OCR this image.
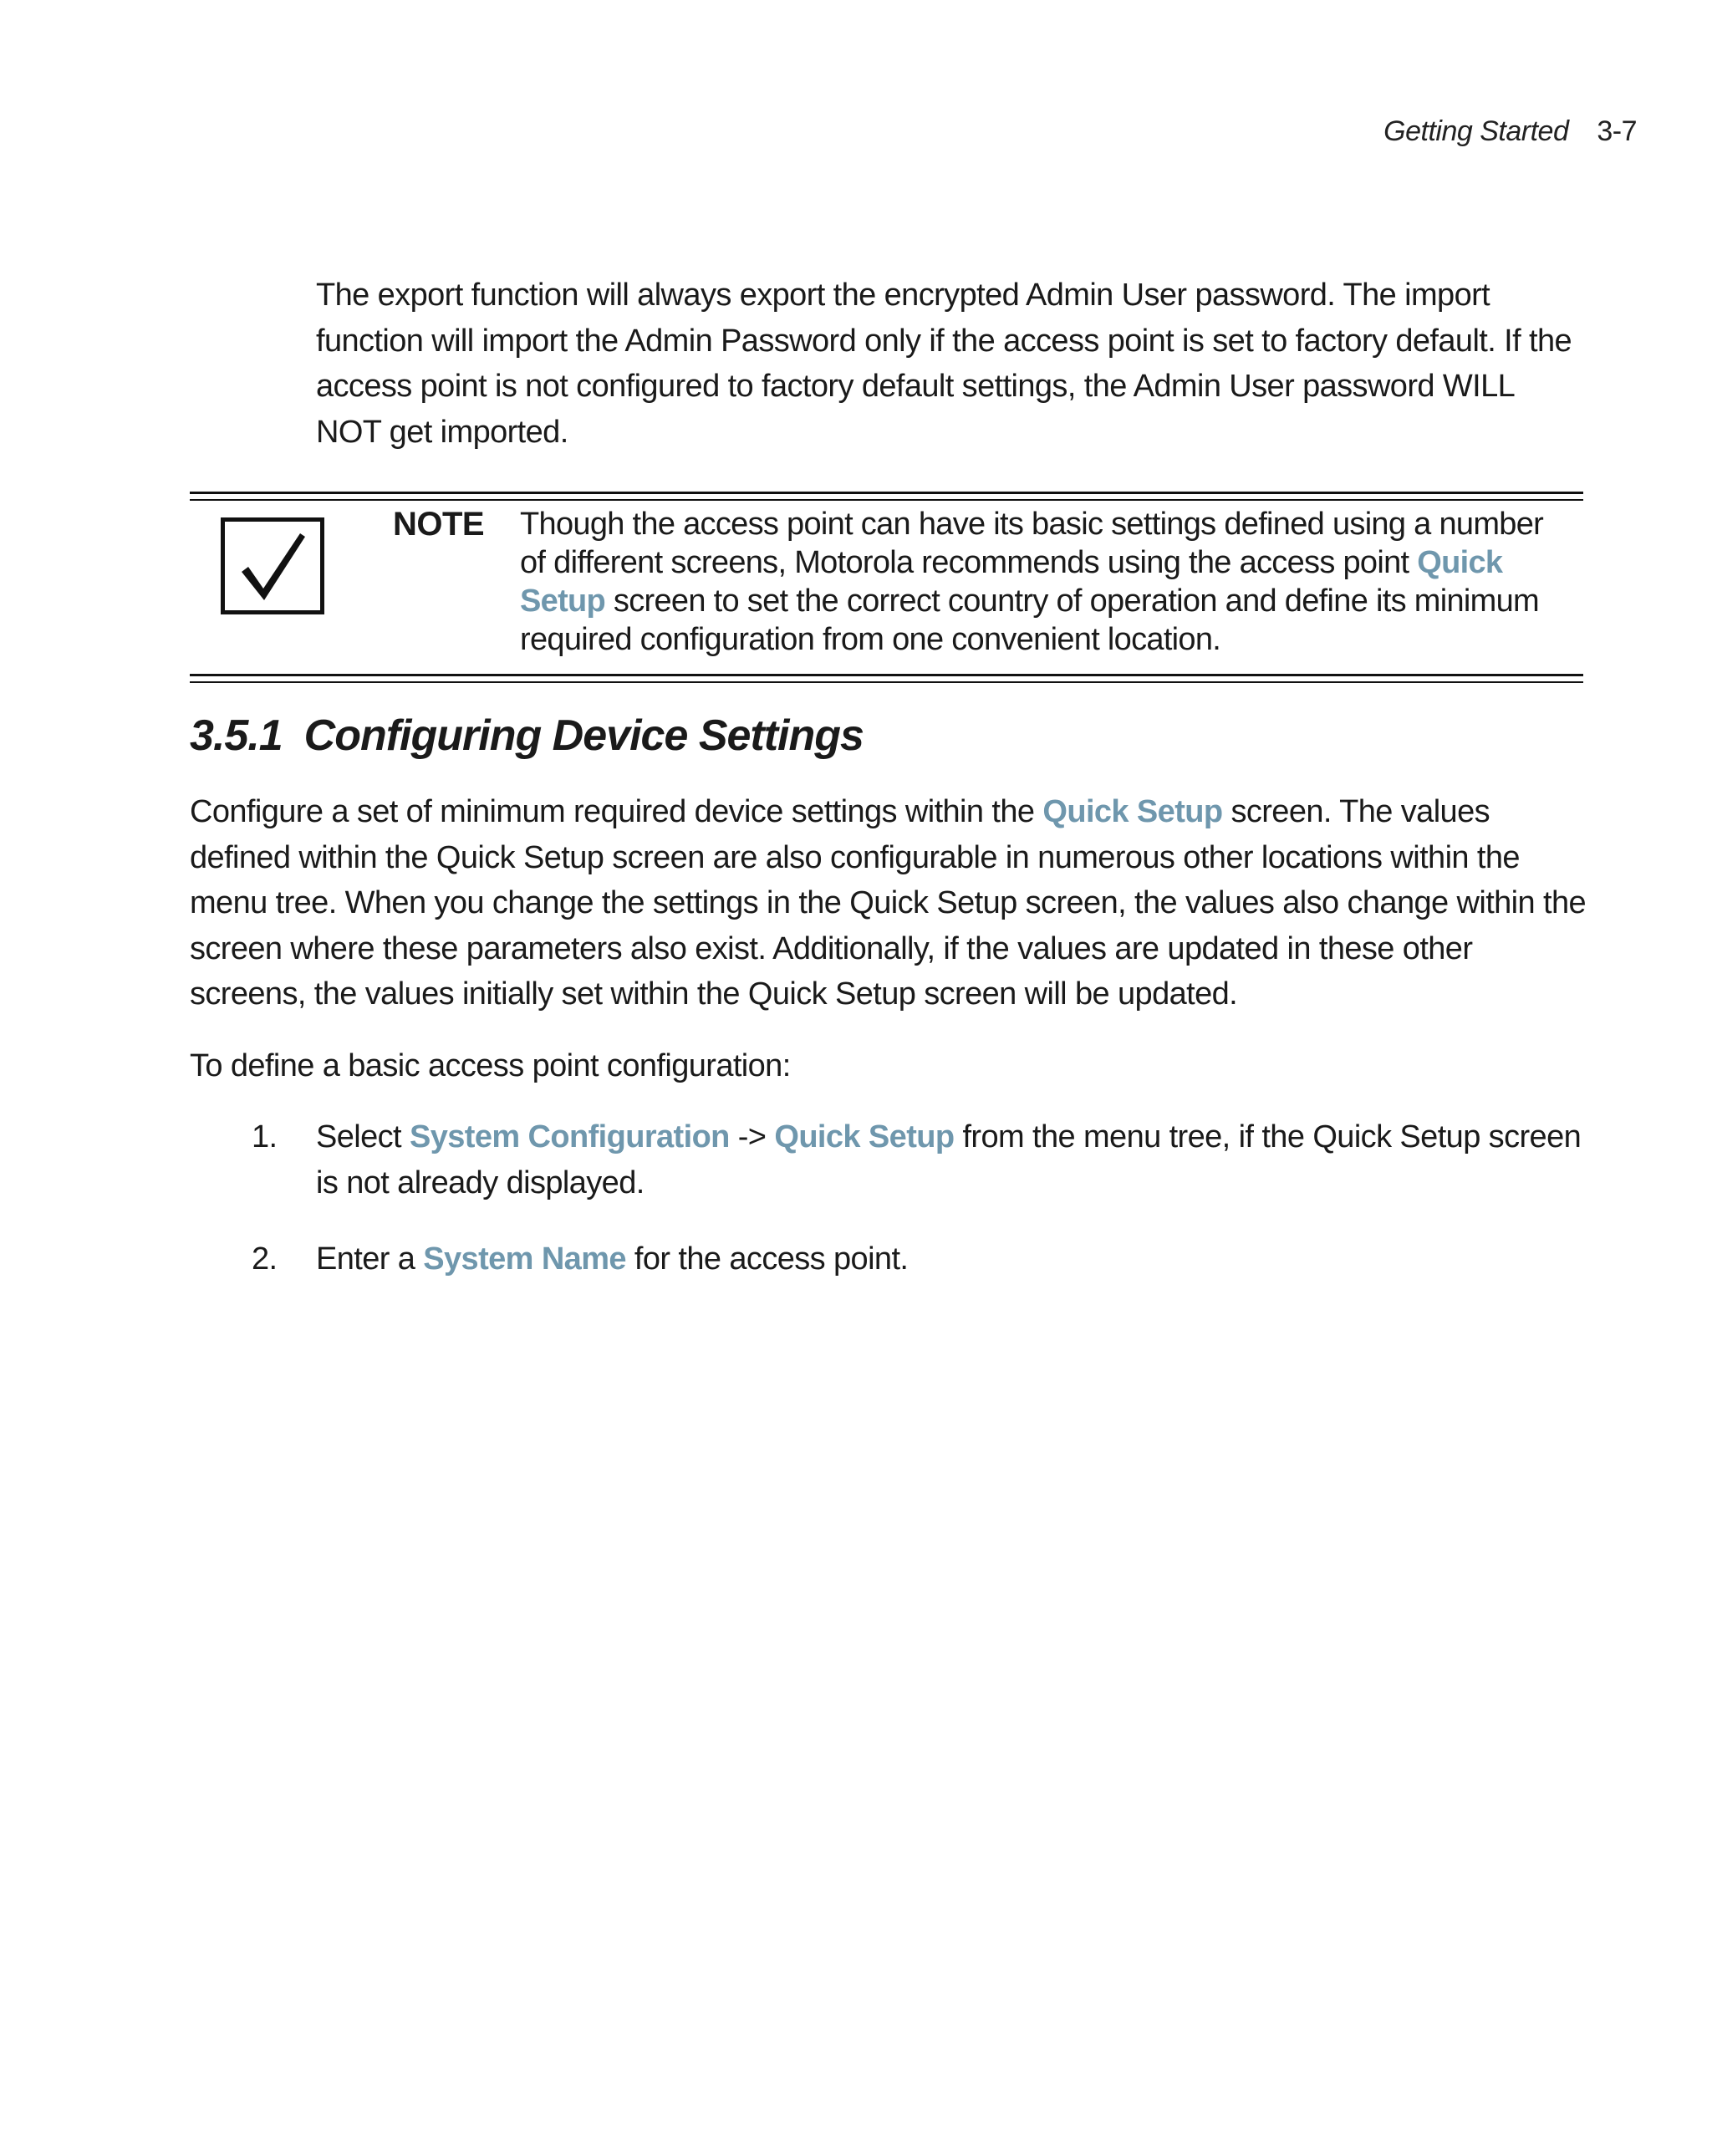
Getting Started 3-7

The export function will always export the encrypted Admin User password. The import function will import the Admin Password only if the access point is set to factory default. If the access point is not configured to factory default settings, the Admin User password WILL NOT get imported.

NOTE Though the access point can have its basic settings defined using a number of different screens, Motorola recommends using the access point Quick Setup screen to set the correct country of operation and define its minimum required configuration from one convenient location.
3.5.1 Configuring Device Settings

Configure a set of minimum required device settings within the Quick Setup screen. The values defined within the Quick Setup screen are also configurable in numerous other locations within the menu tree. When you change the settings in the Quick Setup screen, the values also change within the screen where these parameters also exist. Additionally, if the values are updated in these other screens, the values initially set within the Quick Setup screen will be updated.

To define a basic access point configuration:

1. Select System Configuration -> Quick Setup from the menu tree, if the Quick Setup screen is not already displayed.
2. Enter a System Name for the access point.
